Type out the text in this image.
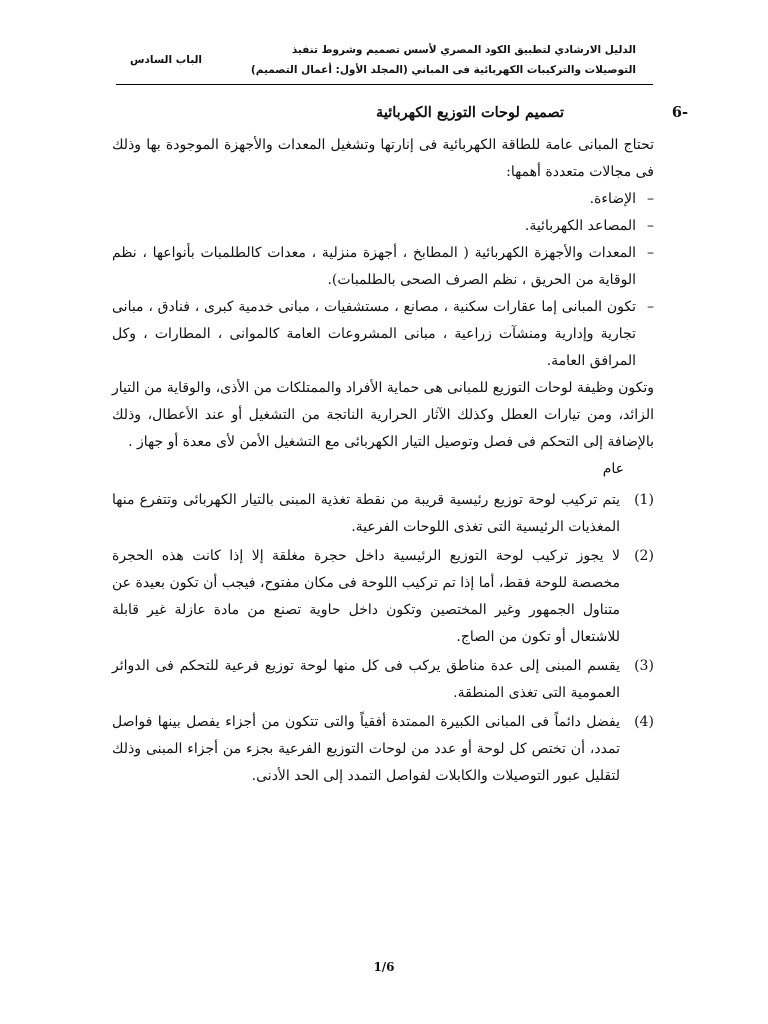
الدليل الارشادي لتطبيق الكود المصري لأسس تصميم وشروط تنفيذ
التوصيلات والتركيبات الكهربائية فى المباني (المجلد الأول: أعمال التصميم)
الباب السادس
6-
تصميم لوحات التوزيع الكهربائية

تحتاج المبانى عامة للطاقة الكهربائية فى إنارتها وتشغيل المعدات والأجهزة الموجودة بها وذلك فى مجالات متعددة أهمها:

– الإضاءة.
– المصاعد الكهربائية.
– المعدات والأجهزة الكهربائية ( المطابخ ، أجهزة منزلية ، معدات كالطلمبات بأنواعها ، نظم الوقاية من الحريق ، نظم الصرف الصحى بالطلمبات).
– تكون المبانى إما عقارات سكنية ، مصانع ، مستشفيات ، مبانى خدمية كبرى ، فنادق ، مبانى تجارية وإدارية ومنشآت زراعية ، مبانى المشروعات العامة كالموانى ، المطارات ، وكل المرافق العامة.

وتكون وظيفة لوحات التوزيع للمبانى هى حماية الأفراد والممتلكات من الأذى، والوقاية من التيار الزائد، ومن تيارات العطل وكذلك الآثار الحرارية الناتجة من التشغيل أو عند الأعطال، وذلك بالإضافة إلى التحكم فى فصل وتوصيل التيار الكهربائى مع التشغيل الأمن لأى معدة أو جهاز .

عام

(1)
يتم تركيب لوحة توزيع رئيسية قريبة من نقطة تغذية المبنى بالتيار الكهربائى وتتفرع منها المغذيات الرئيسية التى تغذى اللوحات الفرعية.
(2)
لا يجوز تركيب لوحة التوزيع الرئيسية داخل حجرة مغلقة إلا إذا كانت هذه الحجرة مخصصة للوحة فقط، أما إذا تم تركيب اللوحة فى مكان مفتوح، فيجب أن تكون بعيدة عن متناول الجمهور وغير المختصين وتكون داخل حاوية تصنع من مادة عازلة غير قابلة للاشتعال أو تكون من الصاج.
(3)
يقسم المبنى إلى عدة مناطق يركب فى كل منها لوحة توزيع فرعية للتحكم فى الدوائر العمومية التى تغذى المنطقة.
(4)
يفضل دائماً فى المبانى الكبيرة الممتدة أفقياً والتى تتكون من أجزاء يفصل بينها فواصل تمدد، أن تختص كل لوحة أو عدد من لوحات التوزيع الفرعية بجزء من أجزاء المبنى وذلك لتقليل عبور التوصيلات والكابلات لفواصل التمدد إلى الحد الأدنى.
1/6
